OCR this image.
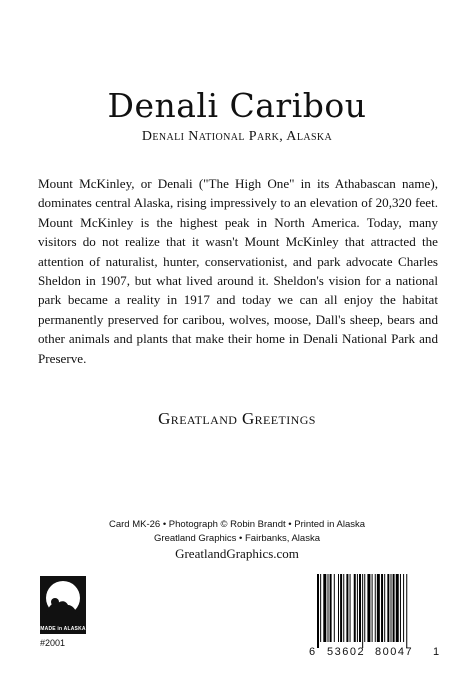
Denali Caribou
Denali National Park, Alaska
Mount McKinley, or Denali ("The High One" in its Athabascan name), dominates central Alaska, rising impressively to an elevation of 20,320 feet. Mount McKinley is the highest peak in North America. Today, many visitors do not realize that it wasn't Mount McKinley that attracted the attention of naturalist, hunter, conservationist, and park advocate Charles Sheldon in 1907, but what lived around it. Sheldon's vision for a national park became a reality in 1917 and today we can all enjoy the habitat permanently preserved for caribou, wolves, moose, Dall's sheep, bears and other animals and plants that make their home in Denali National Park and Preserve.
Greatland Greetings
Card MK-26 • Photograph © Robin Brandt • Printed in Alaska
Greatland Graphics • Fairbanks, Alaska
GreatlandGraphics.com
MADE in ALASKA
#2001
6 53602 80047 1
